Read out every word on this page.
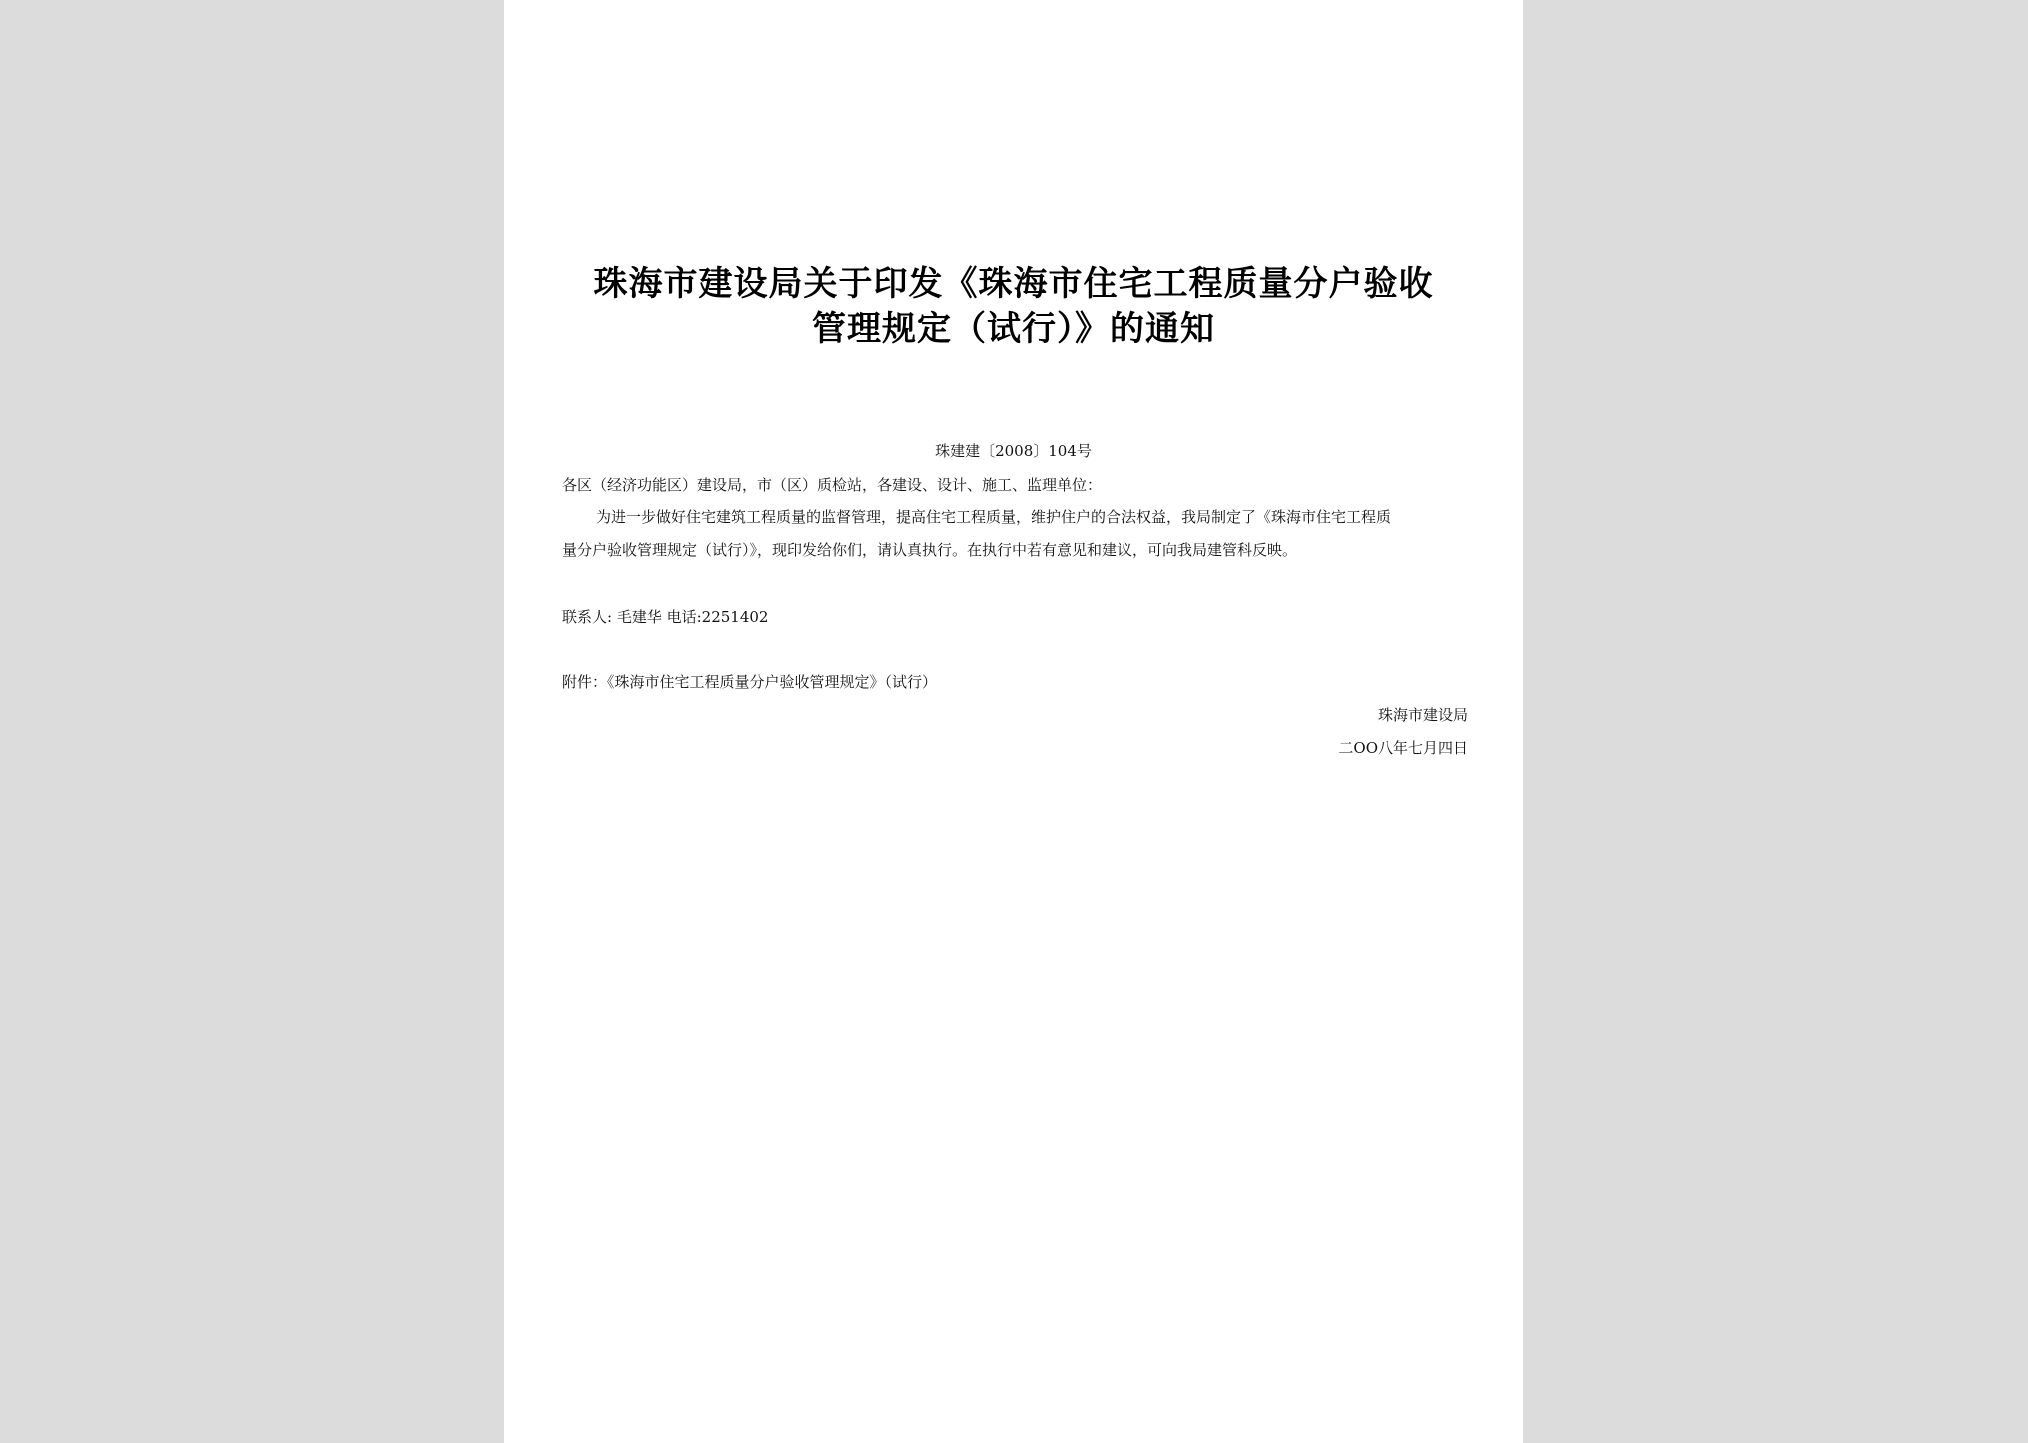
珠海市建设局关于印发《珠海市住宅工程质量分户验收
管理规定（试行）》的通知
珠建建〔2008〕104号
各区（经济功能区）建设局，市（区）质检站，各建设、设计、施工、监理单位：
为进一步做好住宅建筑工程质量的监督管理，提高住宅工程质量，维护住户的合法权益，我局制定了《珠海市住宅工程质
量分户验收管理规定（试行）》，现印发给你们，请认真执行。在执行中若有意见和建议，可向我局建管科反映。
联系人: 毛建华 电话:2251402
附件：《珠海市住宅工程质量分户验收管理规定》（试行）
珠海市建设局
二OO八年七月四日
